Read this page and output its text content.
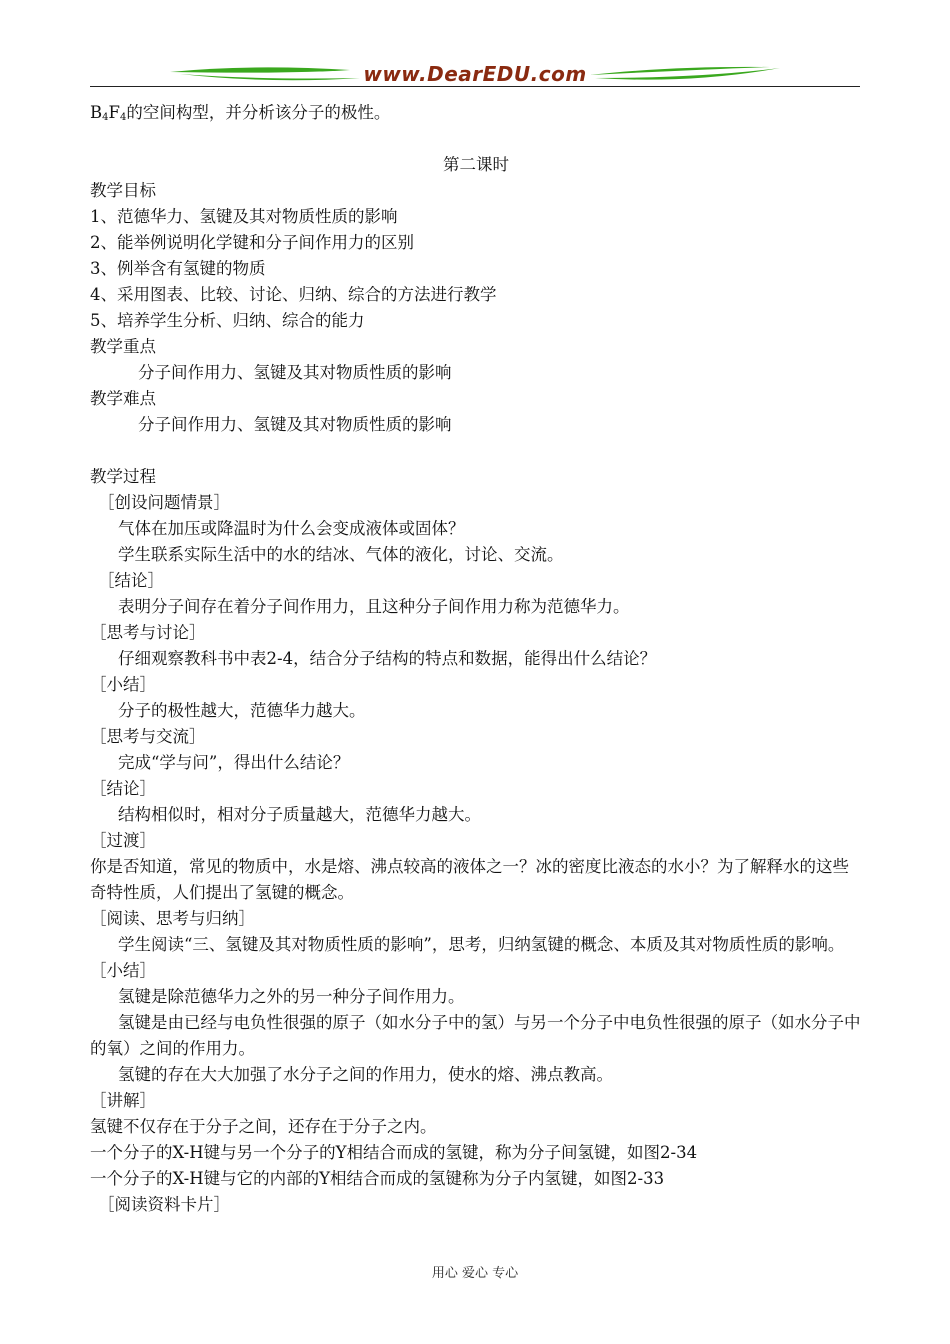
www.DearEDU.com
$B_4F_4$的空间构型，并分析该分子的极性。
第二课时
教学目标
1、范德华力、氢键及其对物质性质的影响
2、能举例说明化学键和分子间作用力的区别
3、例举含有氢键的物质
4、采用图表、比较、讨论、归纳、综合的方法进行教学
5、培养学生分析、归纳、综合的能力
教学重点
分子间作用力、氢键及其对物质性质的影响
教学难点
分子间作用力、氢键及其对物质性质的影响
教学过程
［创设问题情景］
气体在加压或降温时为什么会变成液体或固体？
学生联系实际生活中的水的结冰、气体的液化，讨论、交流。
［结论］
表明分子间存在着分子间作用力，且这种分子间作用力称为范德华力。
［思考与讨论］
仔细观察教科书中表2-4，结合分子结构的特点和数据，能得出什么结论？
［小结］
分子的极性越大，范德华力越大。
［思考与交流］
完成“学与问”，得出什么结论？
［结论］
结构相似时，相对分子质量越大，范德华力越大。
［过渡］
你是否知道，常见的物质中，水是熔、沸点较高的液体之一？冰的密度比液态的水小？为了解释水的这些奇特性质，人们提出了氢键的概念。
［阅读、思考与归纳］
学生阅读“三、氢键及其对物质性质的影响”，思考，归纳氢键的概念、本质及其对物质性质的影响。
［小结］
氢键是除范德华力之外的另一种分子间作用力。
氢键是由已经与电负性很强的原子（如水分子中的氢）与另一个分子中电负性很强的原子（如水分子中的氧）之间的作用力。
氢键的存在大大加强了水分子之间的作用力，使水的熔、沸点教高。
［讲解］
氢键不仅存在于分子之间，还存在于分子之内。
一个分子的X-H键与另一个分子的Y相结合而成的氢键，称为分子间氢键，如图2-34
一个分子的X-H键与它的内部的Y相结合而成的氢键称为分子内氢键，如图2-33
［阅读资料卡片］
用心 爱心 专心
